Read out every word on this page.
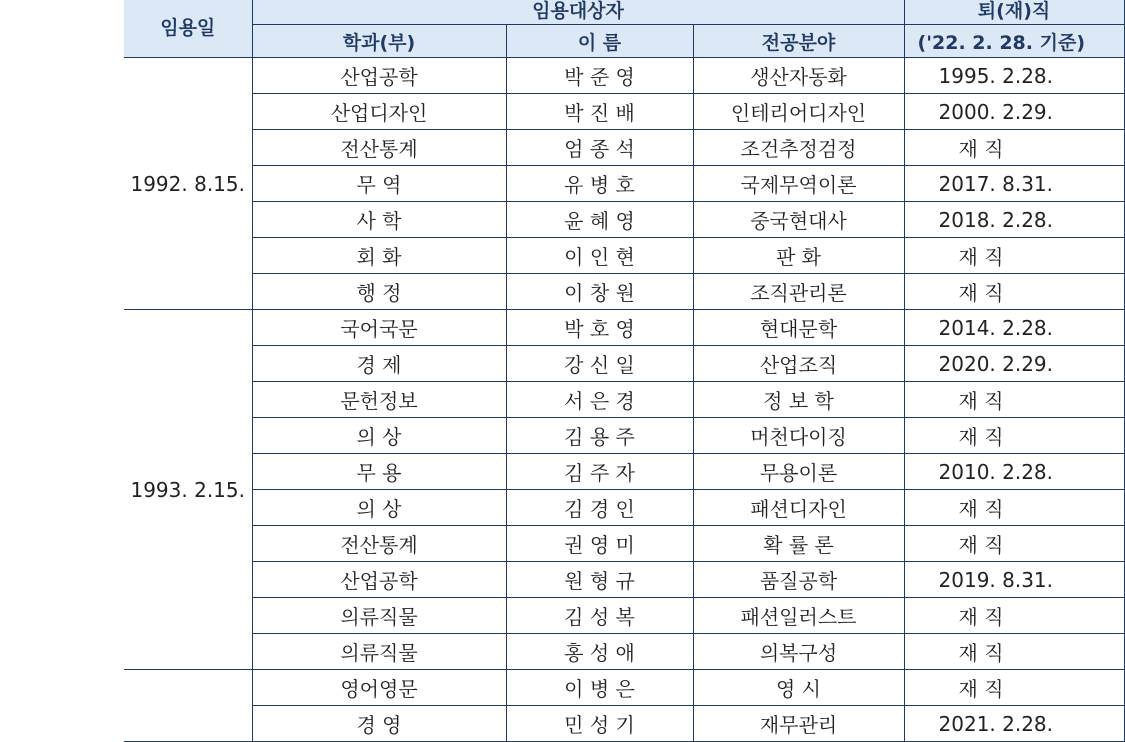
임용일	임용대상자			퇴(재)직
	학과(부)	이 름	전공분야	('22. 2. 28. 기준)
1992. 8.15.	산업공학	박 준 영	생산자동화	1995. 2.28.
	산업디자인	박 진 배	인테리어디자인	2000. 2.29.
	전산통계	엄 종 석	조건추정검정	재 직
	무 역	유 병 호	국제무역이론	2017. 8.31.
	사 학	윤 혜 영	중국현대사	2018. 2.28.
	회 화	이 인 현	판 화	재 직
	행 정	이 창 원	조직관리론	재 직
1993. 2.15.	국어국문	박 호 영	현대문학	2014. 2.28.
	경 제	강 신 일	산업조직	2020. 2.29.
	문헌정보	서 은 경	정 보 학	재 직
	의 상	김 용 주	머천다이징	재 직
	무 용	김 주 자	무용이론	2010. 2.28.
	의 상	김 경 인	패션디자인	재 직
	전산통계	권 영 미	확 률 론	재 직
	산업공학	원 형 규	품질공학	2019. 8.31.
	의류직물	김 성 복	패션일러스트	재 직
	의류직물	홍 성 애	의복구성	재 직
	영어영문	이 병 은	영 시	재 직
	경 영	민 성 기	재무관리	2021. 2.28.
